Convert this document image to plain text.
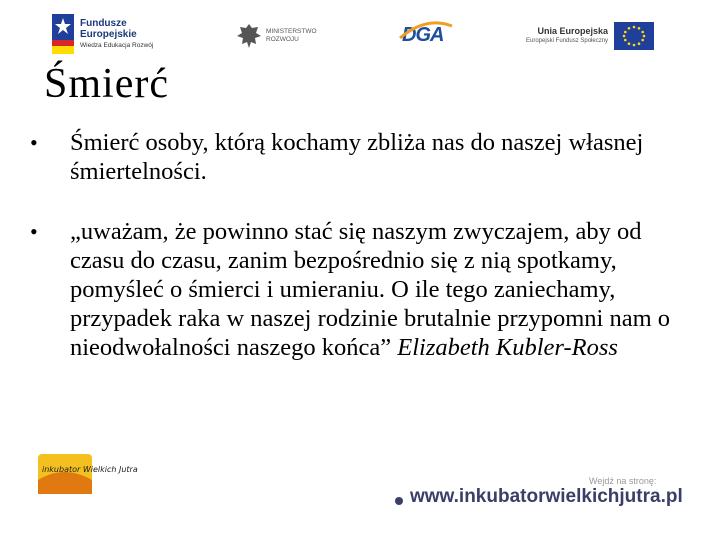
Fundusze
Europejskie
Wiedza Edukacja Rozwój
MINISTERSTWO
ROZWOJU	DGA	Unia Europejska
Europejski Fundusz Społeczny
Śmierć
•	Śmierć osoby, którą kochamy zbliża nas do naszej własnej śmiertelności.
•	„uważam, że powinno stać się naszym zwyczajem, aby od czasu do czasu, zanim bezpośrednio się z nią spotkamy, pomyśleć o śmierci i umieraniu. O ile tego zaniechamy, przypadek raka w naszej rodzinie brutalnie przypomni nam o nieodwołalności naszego końca” Elizabeth Kubler-Ross
inkubator Wielkich Jutra
Wejdź na stronę:
www.inkubatorwielkichjutra.pl
